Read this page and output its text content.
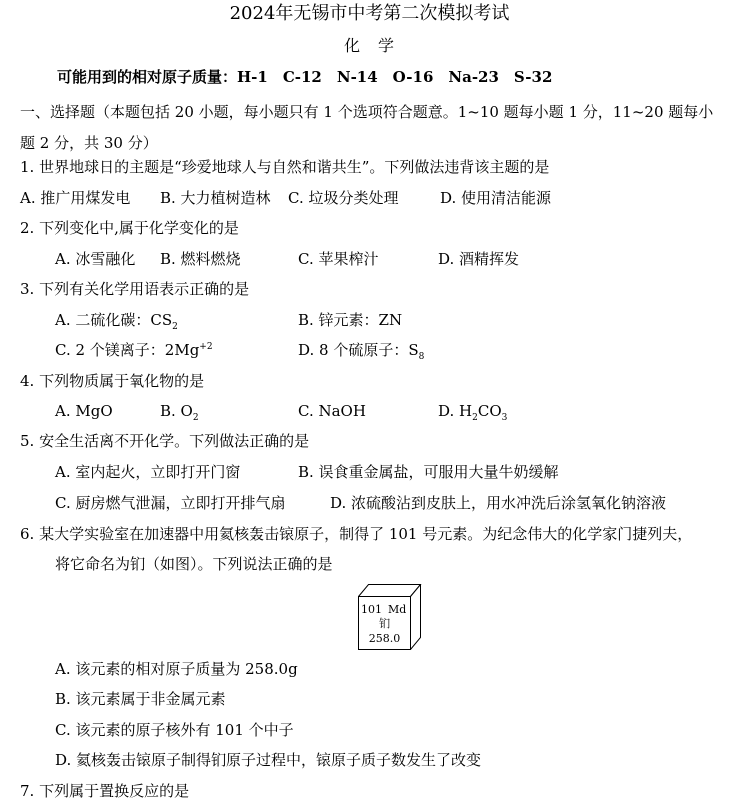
2024年无锡市中考第二次模拟考试
化　学
可能用到的相对原子质量：H-1　C-12　N-14　O-16　Na-23　S-32
一、选择题（本题包括 20 小题，每小题只有 1 个选项符合题意。1~10 题每小题 1 分，11~20 题每小题 2 分，共 30 分）
1. 世界地球日的主题是“珍爱地球人与自然和谐共生”。下列做法违背该主题的是
A. 推广用煤发电 B. 大力植树造林 C. 垃圾分类处理	D. 使用清洁能源
2. 下列变化中,属于化学变化的是
A. 冰雪融化 B. 燃料燃烧	C. 苹果榨汁	D. 酒精挥发
3. 下列有关化学用语表示正确的是
A. 二硫化碳：$CS_2$	B. 锌元素：ZN
C. 2 个镁离子：$2Mg^{+2}$	D. 8 个硫原子：$S_8$
4. 下列物质属于氧化物的是
A. MgO	B. $O_2$	C. NaOH	D. $H_2CO_3$
5. 安全生活离不开化学。下列做法正确的是
A. 室内起火，立即打开门窗	B. 误食重金属盐，可服用大量牛奶缓解
C. 厨房燃气泄漏，立即打开排气扇	D. 浓硫酸沾到皮肤上，用水冲洗后涂氢氧化钠溶液
6. 某大学实验室在加速器中用氦核轰击锿原子，制得了 101 号元素。为纪念伟大的化学家门捷列夫，
将它命名为钔（如图）。下列说法正确的是
101 Md
钔
258.0
A. 该元素的相对原子质量为 258.0g
B. 该元素属于非金属元素
C. 该元素的原子核外有 101 个中子
D. 氦核轰击锿原子制得钔原子过程中，锿原子质子数发生了改变
7. 下列属于置换反应的是
